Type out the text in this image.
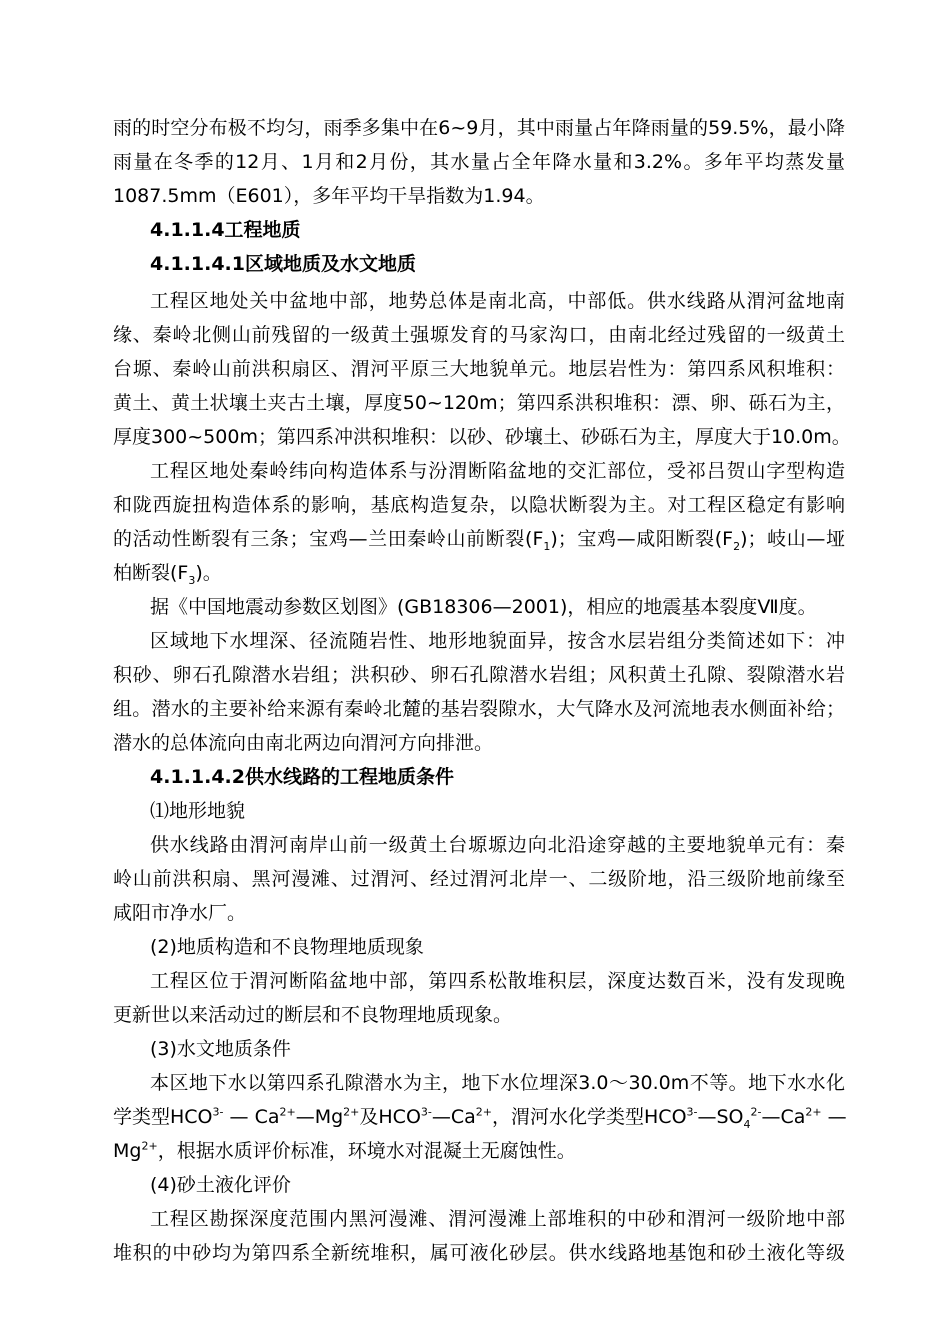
雨的时空分布极不均匀，雨季多集中在6~9月，其中雨量占年降雨量的59.5%，最小降
雨量在冬季的12月、1月和2月份，其水量占全年降水量和3.2%。多年平均蒸发量
1087.5mm（E601），多年平均干旱指数为1.94。
4.1.1.4工程地质
4.1.1.4.1区域地质及水文地质
工程区地处关中盆地中部，地势总体是南北高，中部低。供水线路从渭河盆地南
缘、秦岭北侧山前残留的一级黄土强塬发育的马家沟口，由南北经过残留的一级黄土
台塬、秦岭山前洪积扇区、渭河平原三大地貌单元。地层岩性为：第四系风积堆积：
黄土、黄土状壤土夹古土壤，厚度50~120m；第四系洪积堆积：漂、卵、砾石为主，
厚度300~500m；第四系冲洪积堆积：以砂、砂壤土、砂砾石为主，厚度大于10.0m。
工程区地处秦岭纬向构造体系与汾渭断陷盆地的交汇部位，受祁吕贺山字型构造
和陇西旋扭构造体系的影响，基底构造复杂，以隐状断裂为主。对工程区稳定有影响
的活动性断裂有三条；宝鸡—兰田秦岭山前断裂$(F_1)$；宝鸡—咸阳断裂$(F_2)$；岐山—垭
柏断裂$(F_3)$。
据《中国地震动参数区划图》(GB18306—2001)，相应的地震基本裂度Ⅶ度。
区域地下水埋深、径流随岩性、地形地貌面异，按含水层岩组分类简述如下：冲
积砂、卵石孔隙潜水岩组；洪积砂、卵石孔隙潜水岩组；风积黄土孔隙、裂隙潜水岩
组。潜水的主要补给来源有秦岭北麓的基岩裂隙水，大气降水及河流地表水侧面补给；
潜水的总体流向由南北两边向渭河方向排泄。
4.1.1.4.2供水线路的工程地质条件
⑴地形地貌
供水线路由渭河南岸山前一级黄土台塬塬边向北沿途穿越的主要地貌单元有：秦
岭山前洪积扇、黑河漫滩、过渭河、经过渭河北岸一、二级阶地，沿三级阶地前缘至
咸阳市净水厂。
(2)地质构造和不良物理地质现象
工程区位于渭河断陷盆地中部，第四系松散堆积层，深度达数百米，没有发现晚
更新世以来活动过的断层和不良物理地质现象。
(3)水文地质条件
本区地下水以第四系孔隙潜水为主，地下水位埋深3.0～30.0m不等。地下水水化
学类型$HCO^{3-}$ — $Ca^{2+}—Mg^{2+}$及$HCO^{3-}—Ca^{2+}$，渭河水化学类型$HCO^{3-}—SO_4^{2-}—Ca^{2+}$ —
$Mg^{2+}$，根据水质评价标准，环境水对混凝土无腐蚀性。
(4)砂土液化评价
工程区勘探深度范围内黑河漫滩、渭河漫滩上部堆积的中砂和渭河一级阶地中部
堆积的中砂均为第四系全新统堆积，属可液化砂层。供水线路地基饱和砂土液化等级
